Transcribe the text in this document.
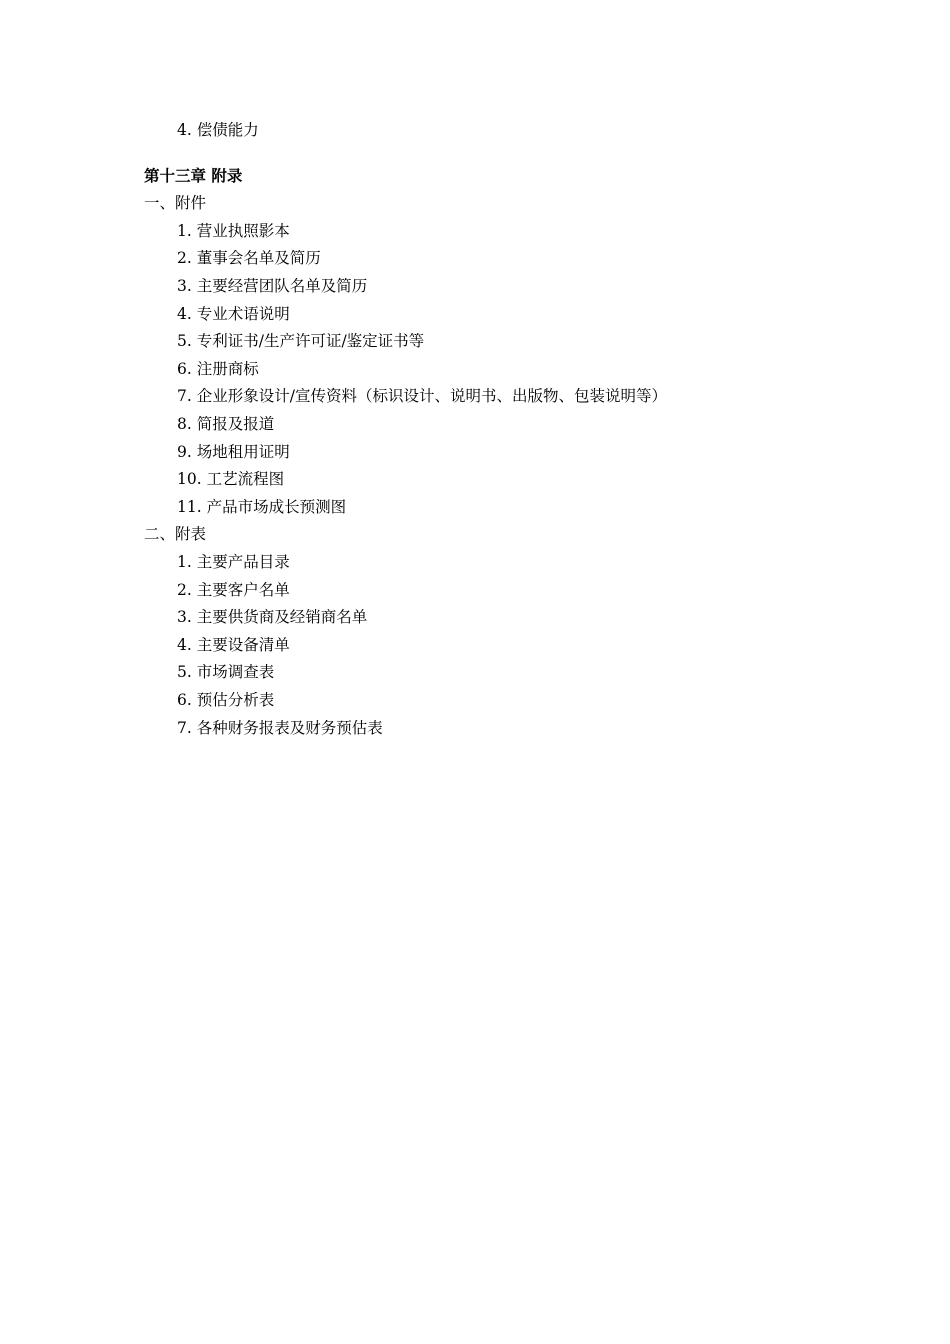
4. 偿债能力
第十三章 附录
一、附件
1. 营业执照影本
2. 董事会名单及简历
3. 主要经营团队名单及简历
4. 专业术语说明
5. 专利证书/生产许可证/鉴定证书等
6. 注册商标
7. 企业形象设计/宣传资料（标识设计、说明书、出版物、包装说明等）
8. 简报及报道
9. 场地租用证明
10. 工艺流程图
11. 产品市场成长预测图
二、附表
1. 主要产品目录
2. 主要客户名单
3. 主要供货商及经销商名单
4. 主要设备清单
5. 市场调查表
6. 预估分析表
7. 各种财务报表及财务预估表
